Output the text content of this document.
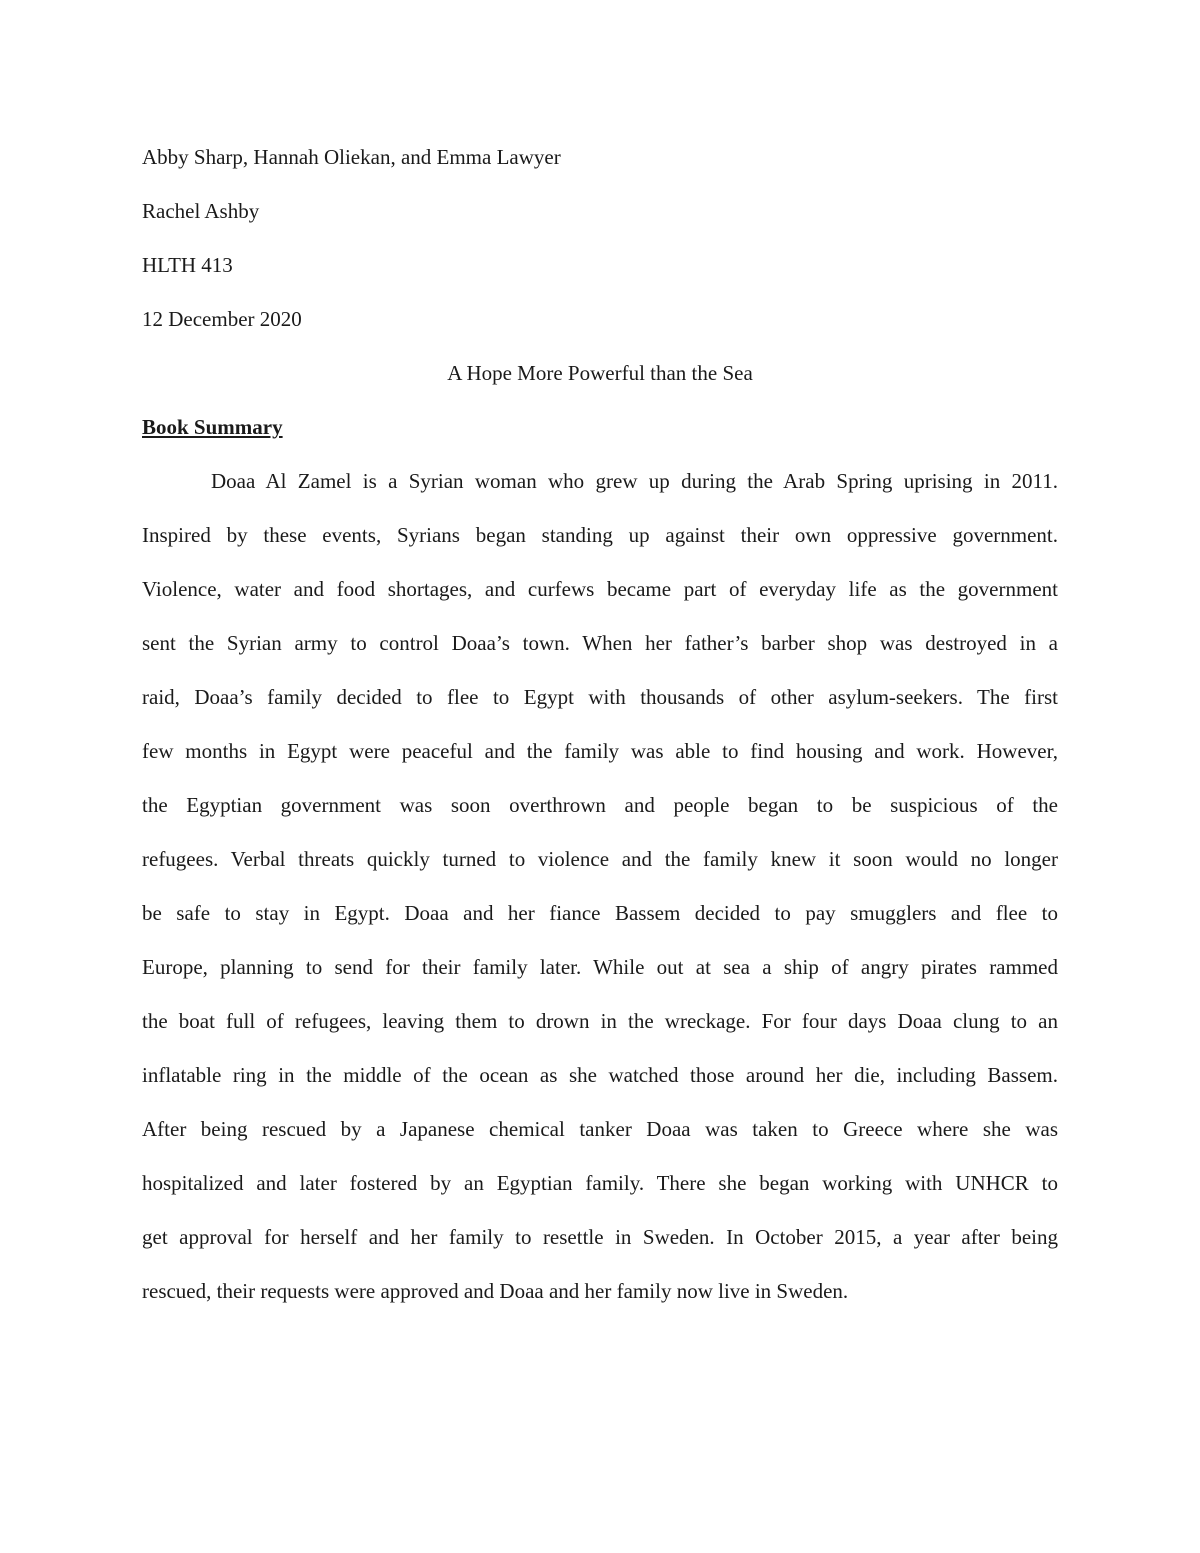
Abby Sharp, Hannah Oliekan, and Emma Lawyer

Rachel Ashby

HLTH 413

12 December 2020

A Hope More Powerful than the Sea

Book Summary

Doaa Al Zamel is a Syrian woman who grew up during the Arab Spring uprising in 2011.

Inspired by these events, Syrians began standing up against their own oppressive government.

Violence, water and food shortages, and curfews became part of everyday life as the government

sent the Syrian army to control Doaa’s town. When her father’s barber shop was destroyed in a

raid, Doaa’s family decided to flee to Egypt with thousands of other asylum-seekers. The first

few months in Egypt were peaceful and the family was able to find housing and work. However,

the Egyptian government was soon overthrown and people began to be suspicious of the

refugees. Verbal threats quickly turned to violence and the family knew it soon would no longer

be safe to stay in Egypt. Doaa and her fiance Bassem decided to pay smugglers and flee to

Europe, planning to send for their family later. While out at sea a ship of angry pirates rammed

the boat full of refugees, leaving them to drown in the wreckage. For four days Doaa clung to an

inflatable ring in the middle of the ocean as she watched those around her die, including Bassem.

After being rescued by a Japanese chemical tanker Doaa was taken to Greece where she was

hospitalized and later fostered by an Egyptian family. There she began working with UNHCR to

get approval for herself and her family to resettle in Sweden. In October 2015, a year after being

rescued, their requests were approved and Doaa and her family now live in Sweden.
